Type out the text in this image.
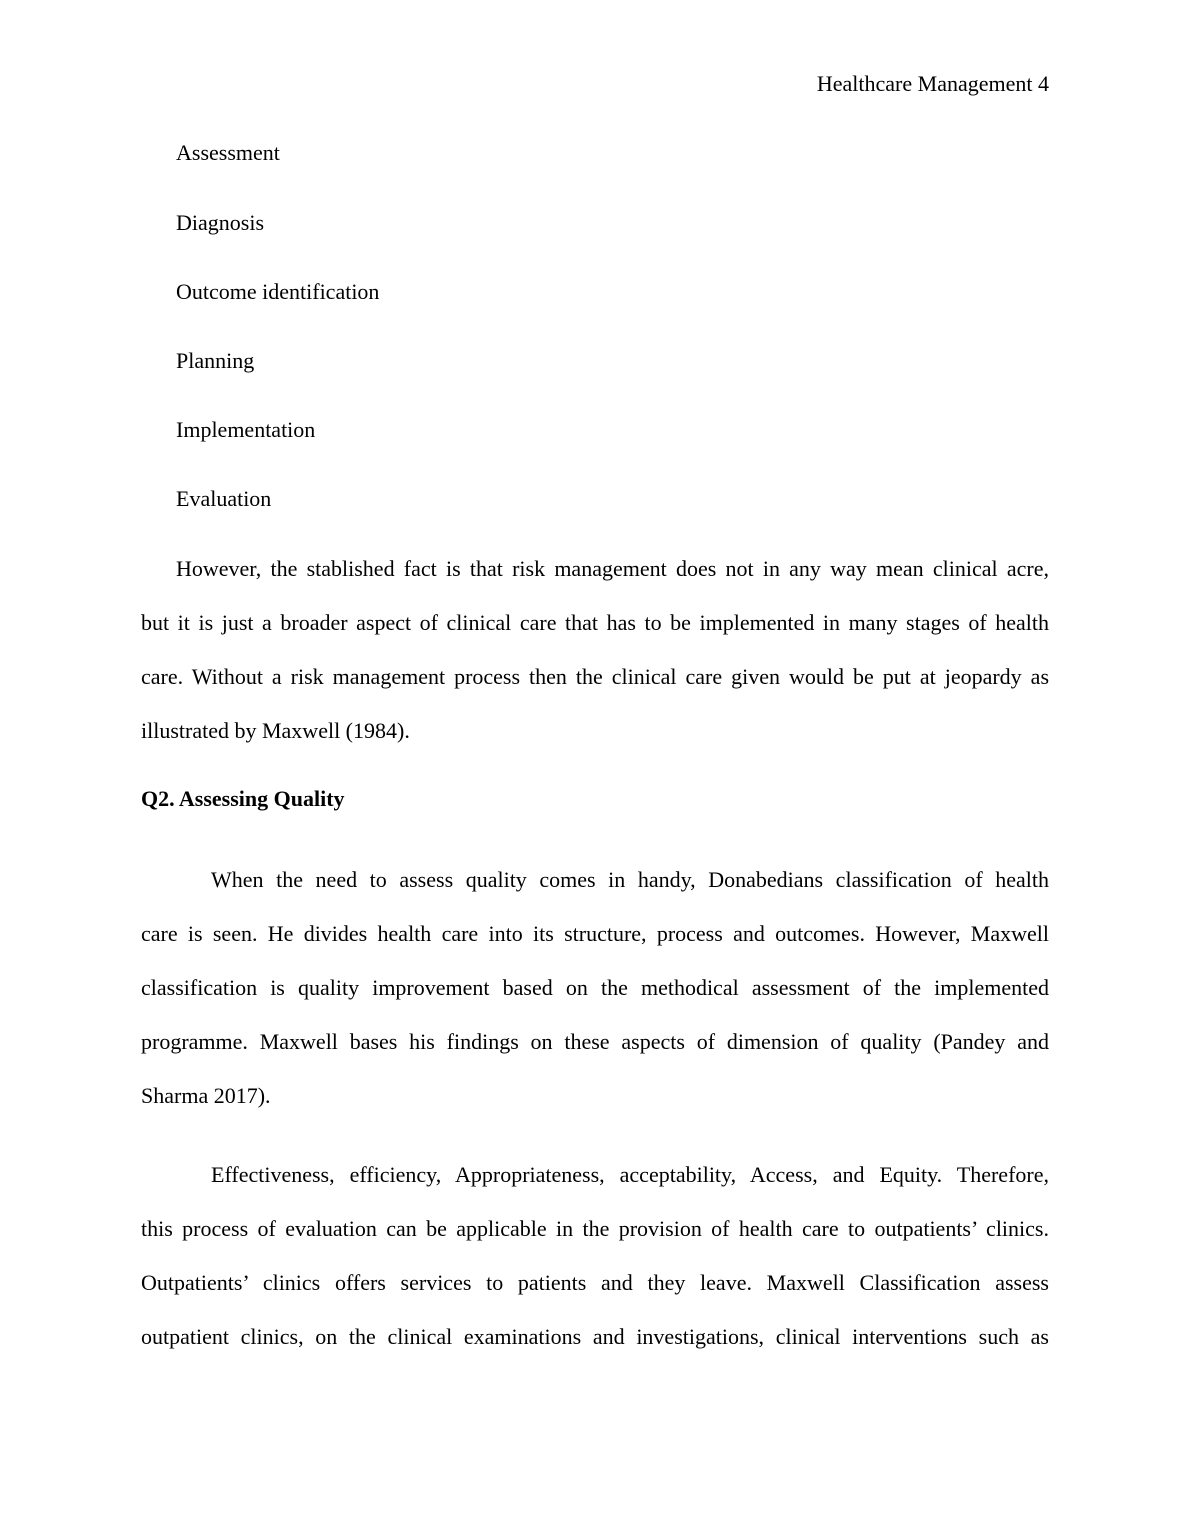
Healthcare Management 4
Assessment
Diagnosis
Outcome identification
Planning
Implementation
Evaluation
However, the stablished fact is that risk management does not in any way mean clinical acre,
but it is just a broader aspect of clinical care that has to be implemented in many stages of health
care. Without a risk management process then the clinical care given would be put at jeopardy as
illustrated by Maxwell (1984).
Q2. Assessing Quality
When the need to assess quality comes in handy, Donabedians classification of health
care is seen. He divides health care into its structure, process and outcomes. However, Maxwell
classification is quality improvement based on the methodical assessment of the implemented
programme. Maxwell bases his findings on these aspects of dimension of quality (Pandey and
Sharma 2017).
Effectiveness, efficiency, Appropriateness, acceptability, Access, and Equity. Therefore,
this process of evaluation can be applicable in the provision of health care to outpatients’ clinics.
Outpatients’ clinics offers services to patients and they leave. Maxwell Classification assess
outpatient clinics, on the clinical examinations and investigations, clinical interventions such as
